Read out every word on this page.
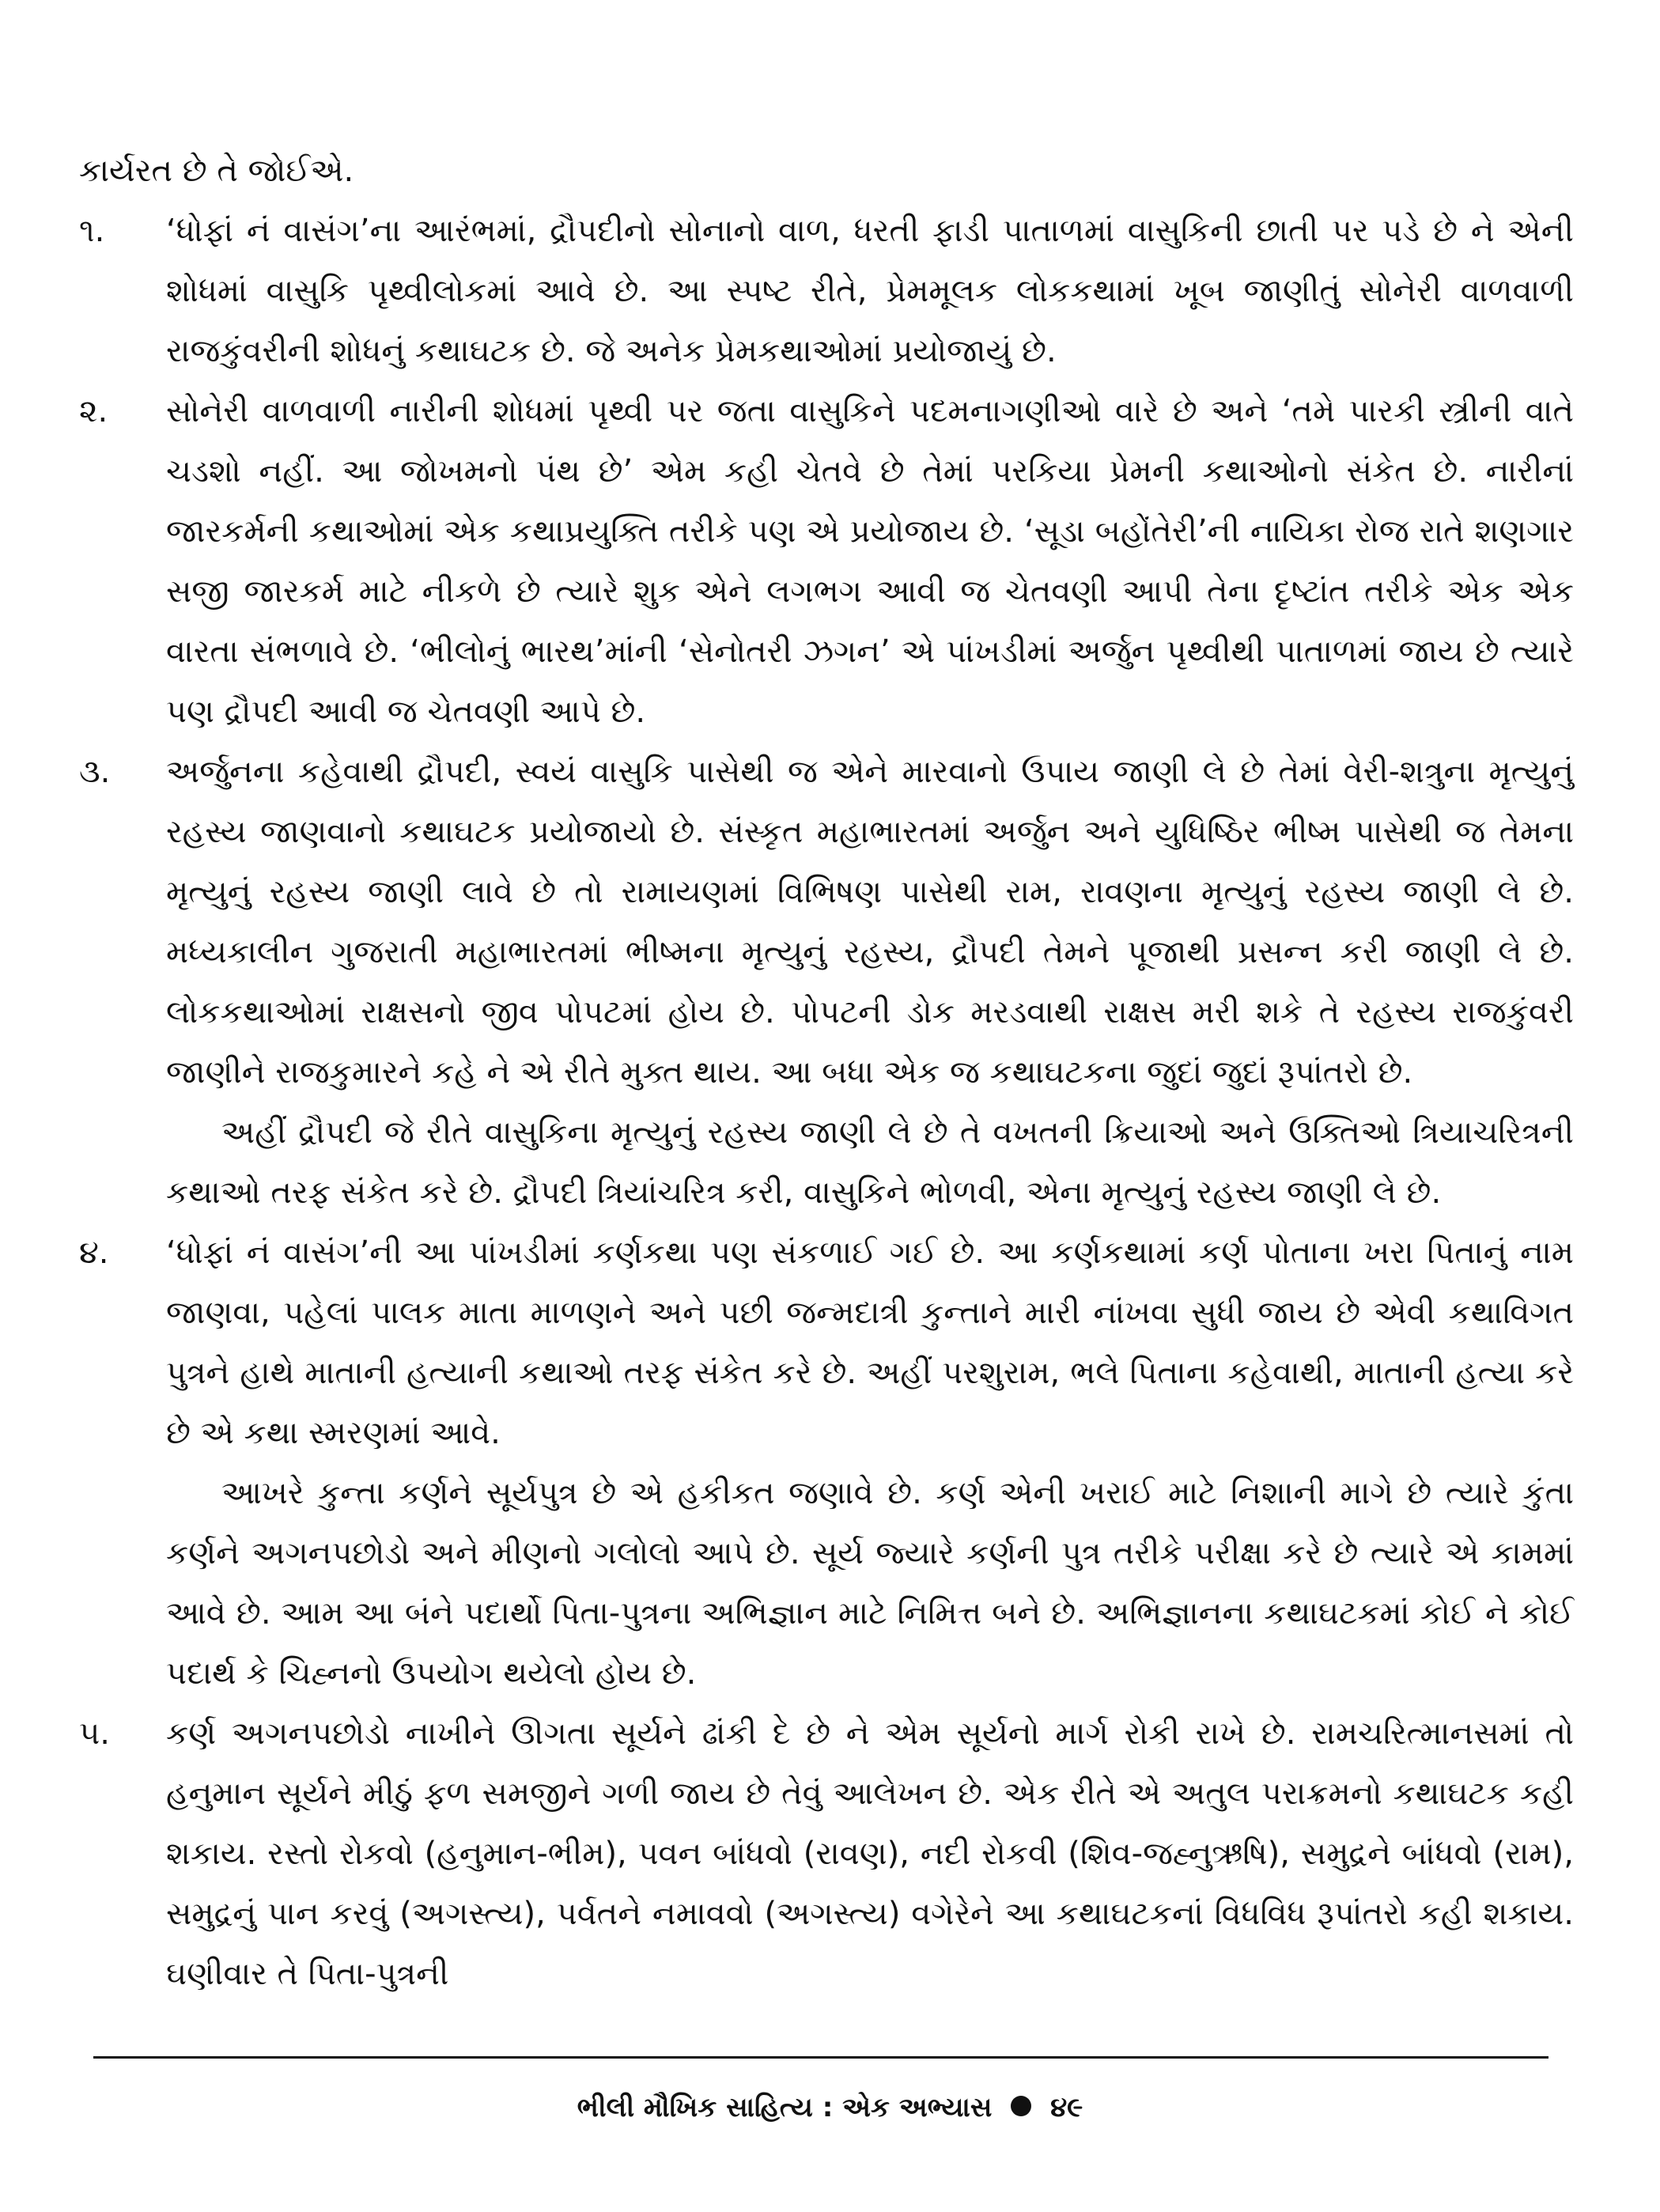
કાર્યરત છે તે જોઈએ.

૧.	‘ધોફાં નં વાસંગ’ના આરંભમાં, દ્રૌપદીનો સોનાનો વાળ, ધરતી ફાડી પાતાળમાં વાસુકિની છાતી પર પડે છે ને એની શોધમાં વાસુકિ પૃથ્વીલોકમાં આવે છે. આ સ્પષ્ટ રીતે, પ્રેમમૂલક લોકકથામાં ખૂબ જાણીતું સોનેરી વાળવાળી રાજકુંવરીની શોધનું કથાઘટક છે. જે અનેક પ્રેમકથાઓમાં પ્રયોજાયું છે.

૨.	સોનેરી વાળવાળી નારીની શોધમાં પૃથ્વી પર જતા વાસુકિને પદમનાગણીઓ વારે છે અને ‘તમે પારકી સ્ત્રીની વાતે ચડશો નહીં. આ જોખમનો પંથ છે’ એમ કહી ચેતવે છે તેમાં પરકિયા પ્રેમની કથાઓનો સંકેત છે. નારીનાં જારકર્મની કથાઓમાં એક કથાપ્રયુક્તિ તરીકે પણ એ પ્રયોજાય છે. ‘સૂડા બહોંતેરી’ની નાયિકા રોજ રાતે શણગાર સજી જારકર્મ માટે નીકળે છે ત્યારે શુક એને લગભગ આવી જ ચેતવણી આપી તેના દૃષ્ટાંત તરીકે એક એક વારતા સંભળાવે છે. ‘ભીલોનું ભારથ’માંની ‘સેનોતરી ઝગન’ એ પાંખડીમાં અર્જુન પૃથ્વીથી પાતાળમાં જાય છે ત્યારે પણ દ્રૌપદી આવી જ ચેતવણી આપે છે.

૩.	અર્જુનના કહેવાથી દ્રૌપદી, સ્વયં વાસુકિ પાસેથી જ એને મારવાનો ઉપાય જાણી લે છે તેમાં વેરી-શત્રુના મૃત્યુનું રહસ્ય જાણવાનો કથાઘટક પ્રયોજાયો છે. સંસ્કૃત મહાભારતમાં અર્જુન અને યુધિષ્ઠિર ભીષ્મ પાસેથી જ તેમના મૃત્યુનું રહસ્ય જાણી લાવે છે તો રામાયણમાં વિભિષણ પાસેથી રામ, રાવણના મૃત્યુનું રહસ્ય જાણી લે છે. મધ્યકાલીન ગુજરાતી મહાભારતમાં ભીષ્મના મૃત્યુનું રહસ્ય, દ્રૌપદી તેમને પૂજાથી પ્રસન્ન કરી જાણી લે છે. લોકકથાઓમાં રાક્ષસનો જીવ પોપટમાં હોય છે. પોપટની ડોક મરડવાથી રાક્ષસ મરી શકે તે રહસ્ય રાજકુંવરી જાણીને રાજકુમારને કહે ને એ રીતે મુક્ત થાય. આ બધા એક જ કથાઘટકના જુદાં જુદાં રૂપાંતરો છે.

અહીં દ્રૌપદી જે રીતે વાસુકિના મૃત્યુનું રહસ્ય જાણી લે છે તે વખતની ક્રિયાઓ અને ઉક્તિઓ ત્રિયાચરિત્રની કથાઓ તરફ સંકેત કરે છે. દ્રૌપદી ત્રિયાંચરિત્ર કરી, વાસુકિને ભોળવી, એના મૃત્યુનું રહસ્ય જાણી લે છે.

૪.	‘ધોફાં નં વાસંગ’ની આ પાંખડીમાં કર્ણકથા પણ સંકળાઈ ગઈ છે. આ કર્ણકથામાં કર્ણ પોતાના ખરા પિતાનું નામ જાણવા, પહેલાં પાલક માતા માળણને અને પછી જન્મદાત્રી કુન્તાને મારી નાંખવા સુધી જાય છે એવી કથાવિગત પુત્રને હાથે માતાની હત્યાની કથાઓ તરફ સંકેત કરે છે. અહીં પરશુરામ, ભલે પિતાના કહેવાથી, માતાની હત્યા કરે છે એ કથા સ્મરણમાં આવે.

આખરે કુન્તા કર્ણને સૂર્યપુત્ર છે એ હકીકત જણાવે છે. કર્ણ એની ખરાઈ માટે નિશાની માગે છે ત્યારે કુંતા કર્ણને અગનપછોડો અને મીણનો ગલોલો આપે છે. સૂર્ય જ્યારે કર્ણની પુત્ર તરીકે પરીક્ષા કરે છે ત્યારે એ કામમાં આવે છે. આમ આ બંને પદાર્થો પિતા-પુત્રના અભિજ્ઞાન માટે નિમિત્ત બને છે. અભિજ્ઞાનના કથાઘટકમાં કોઈ ને કોઈ પદાર્થ કે ચિહ્નનો ઉપયોગ થયેલો હોય છે.

૫.	કર્ણ અગનપછોડો નાખીને ઊગતા સૂર્યને ઢાંકી દે છે ને એમ સૂર્યનો માર્ગ રોકી રાખે છે. રામચરિત્માનસમાં તો હનુમાન સૂર્યને મીઠું ફળ સમજીને ગળી જાય છે તેવું આલેખન છે. એક રીતે એ અતુલ પરાક્રમનો કથાઘટક કહી શકાય. રસ્તો રોકવો (હનુમાન-ભીમ), પવન બાંધવો (રાવણ), નદી રોકવી (શિવ-જહ્નુઋષિ), સમુદ્રને બાંધવો (રામ), સમુદ્રનું પાન કરવું (અગસ્ત્ય), પર્વતને નમાવવો (અગસ્ત્ય) વગેરેને આ કથાઘટકનાં વિધવિધ રૂપાંતરો કહી શકાય. ઘણીવાર તે પિતા-પુત્રની

ભીલી મૌખિક સાહિત્ય : એક અભ્યાસ ૪૯
